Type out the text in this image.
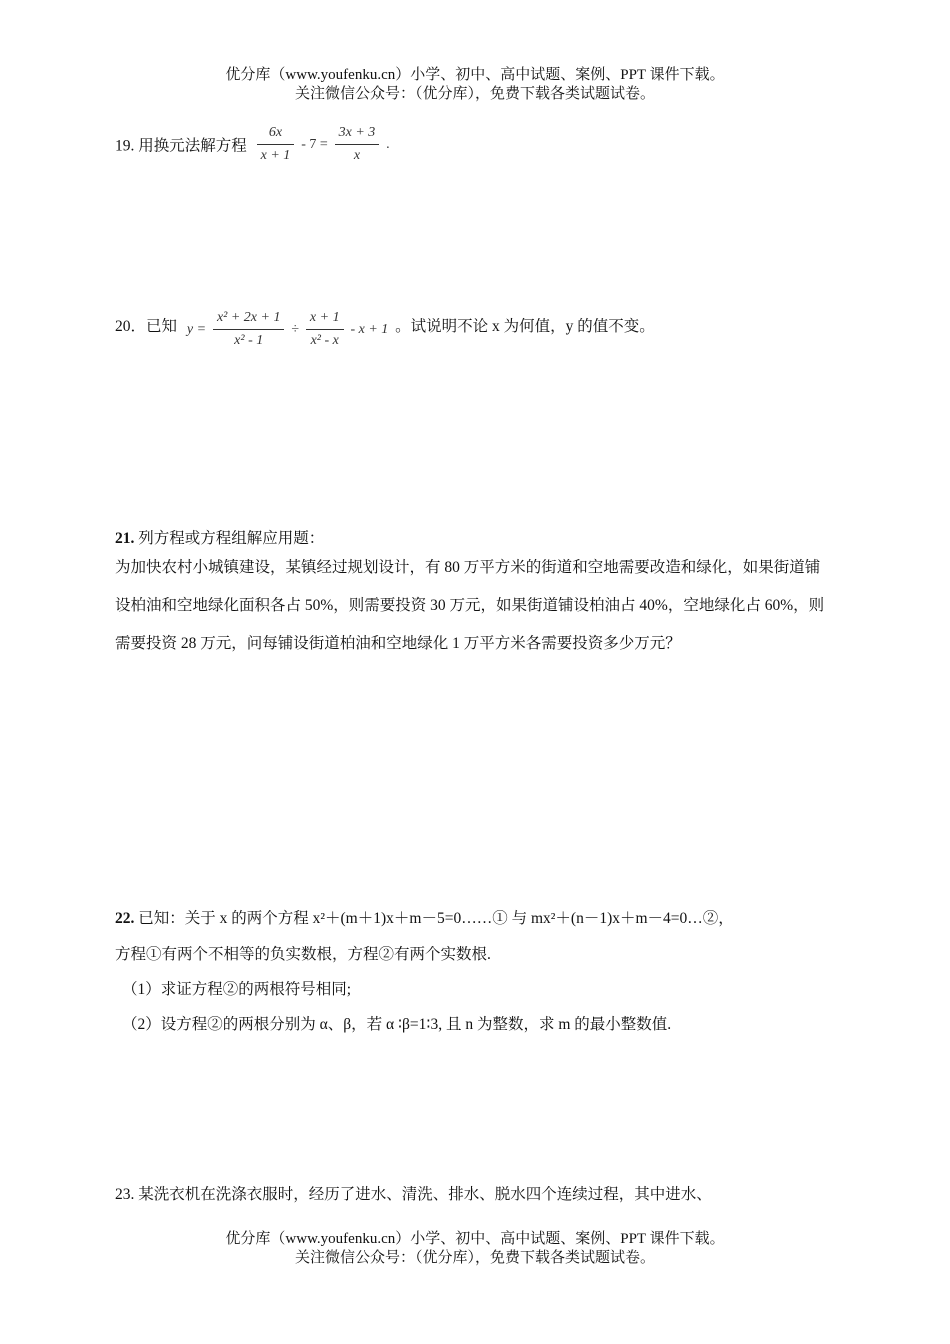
优分库（www.youfenku.cn）小学、初中、高中试题、案例、PPT 课件下载。
关注微信公众号：（优分库），免费下载各类试题试卷。
19. 用换元法解方程 $\frac{6x}{x + 1} - 7 = \frac{3x + 3}{x}$ .
20．已知 $y = \frac{\text{x² + 2x + 1}}{\text{x² - 1}} \div \frac{x + 1}{\text{x² - x}} - x + 1$ 。试说明不论 x 为何值，y 的值不变。
21. 列方程或方程组解应用题：
为加快农村小城镇建设，某镇经过规划设计，有 80 万平方米的街道和空地需要改造和绿化，如果街道铺设柏油和空地绿化面积各占 50%，则需要投资 30 万元，如果街道铺设柏油占 40%，空地绿化占 60%，则需要投资 28 万元，问每铺设街道柏油和空地绿化 1 万平方米各需要投资多少万元？
22. 已知：关于 x 的两个方程 x²＋(m＋1)x＋m－5=0……① 与 mx²＋(n－1)x＋m－4=0…②，
方程①有两个不相等的负实数根，方程②有两个实数根.
（1）求证方程②的两根符号相同;
（2）设方程②的两根分别为 α、β，若 α ∶β=1∶3, 且 n 为整数，求 m 的最小整数值.
23. 某洗衣机在洗涤衣服时，经历了进水、清洗、排水、脱水四个连续过程，其中进水、
优分库（www.youfenku.cn）小学、初中、高中试题、案例、PPT 课件下载。
关注微信公众号：（优分库），免费下载各类试题试卷。
